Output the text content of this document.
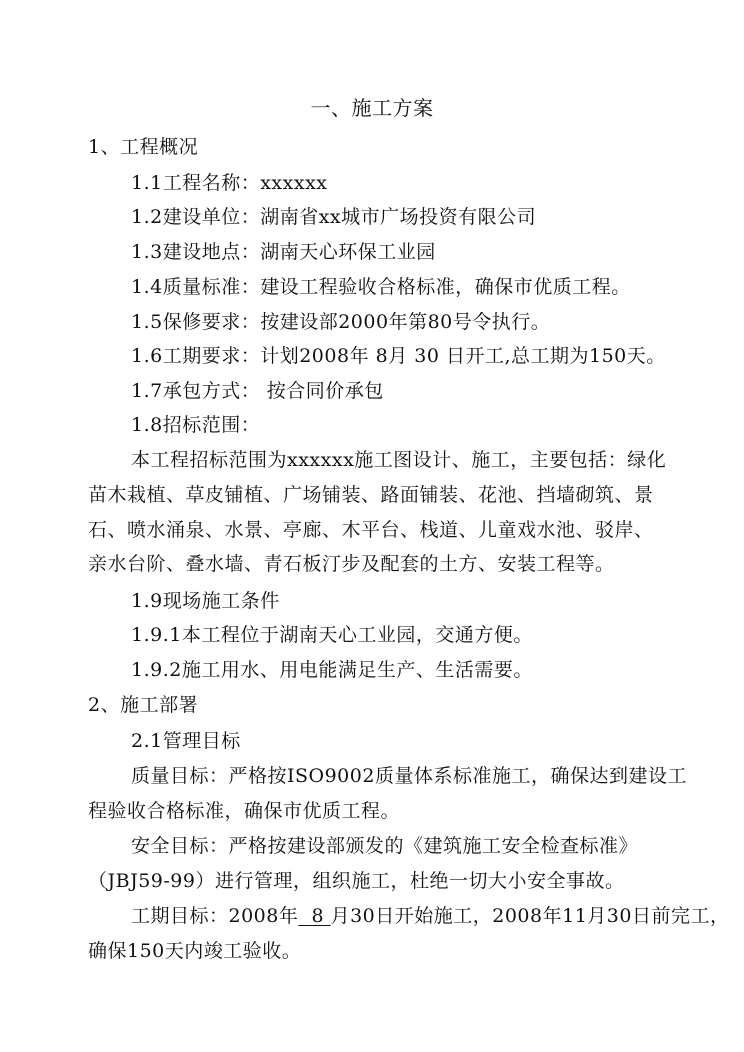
一、施工方案
1、工程概况
1.1工程名称：xxxxxx
1.2建设单位：湖南省xx城市广场投资有限公司
1.3建设地点：湖南天心环保工业园
1.4质量标准：建设工程验收合格标准，确保市优质工程。
1.5保修要求：按建设部2000年第80号令执行。
1.6工期要求：计划2008年 8月 30 日开工,总工期为150天。
1.7承包方式： 按合同价承包
1.8招标范围：
本工程招标范围为xxxxxx施工图设计、施工，主要包括：绿化
苗木栽植、草皮铺植、广场铺装、路面铺装、花池、挡墙砌筑、景
石、喷水涌泉、水景、亭廊、木平台、栈道、儿童戏水池、驳岸、
亲水台阶、叠水墙、青石板汀步及配套的土方、安装工程等。
1.9现场施工条件
1.9.1本工程位于湖南天心工业园，交通方便。
1.9.2施工用水、用电能满足生产、生活需要。
2、施工部署
2.1管理目标
质量目标：严格按ISO9002质量体系标准施工，确保达到建设工
程验收合格标准，确保市优质工程。
安全目标：严格按建设部颁发的《建筑施工安全检查标准》
（JBJ59-99）进行管理，组织施工，杜绝一切大小安全事故。
工期目标：2008年  8 月30日开始施工，2008年11月30日前完工，
确保150天内竣工验收。
